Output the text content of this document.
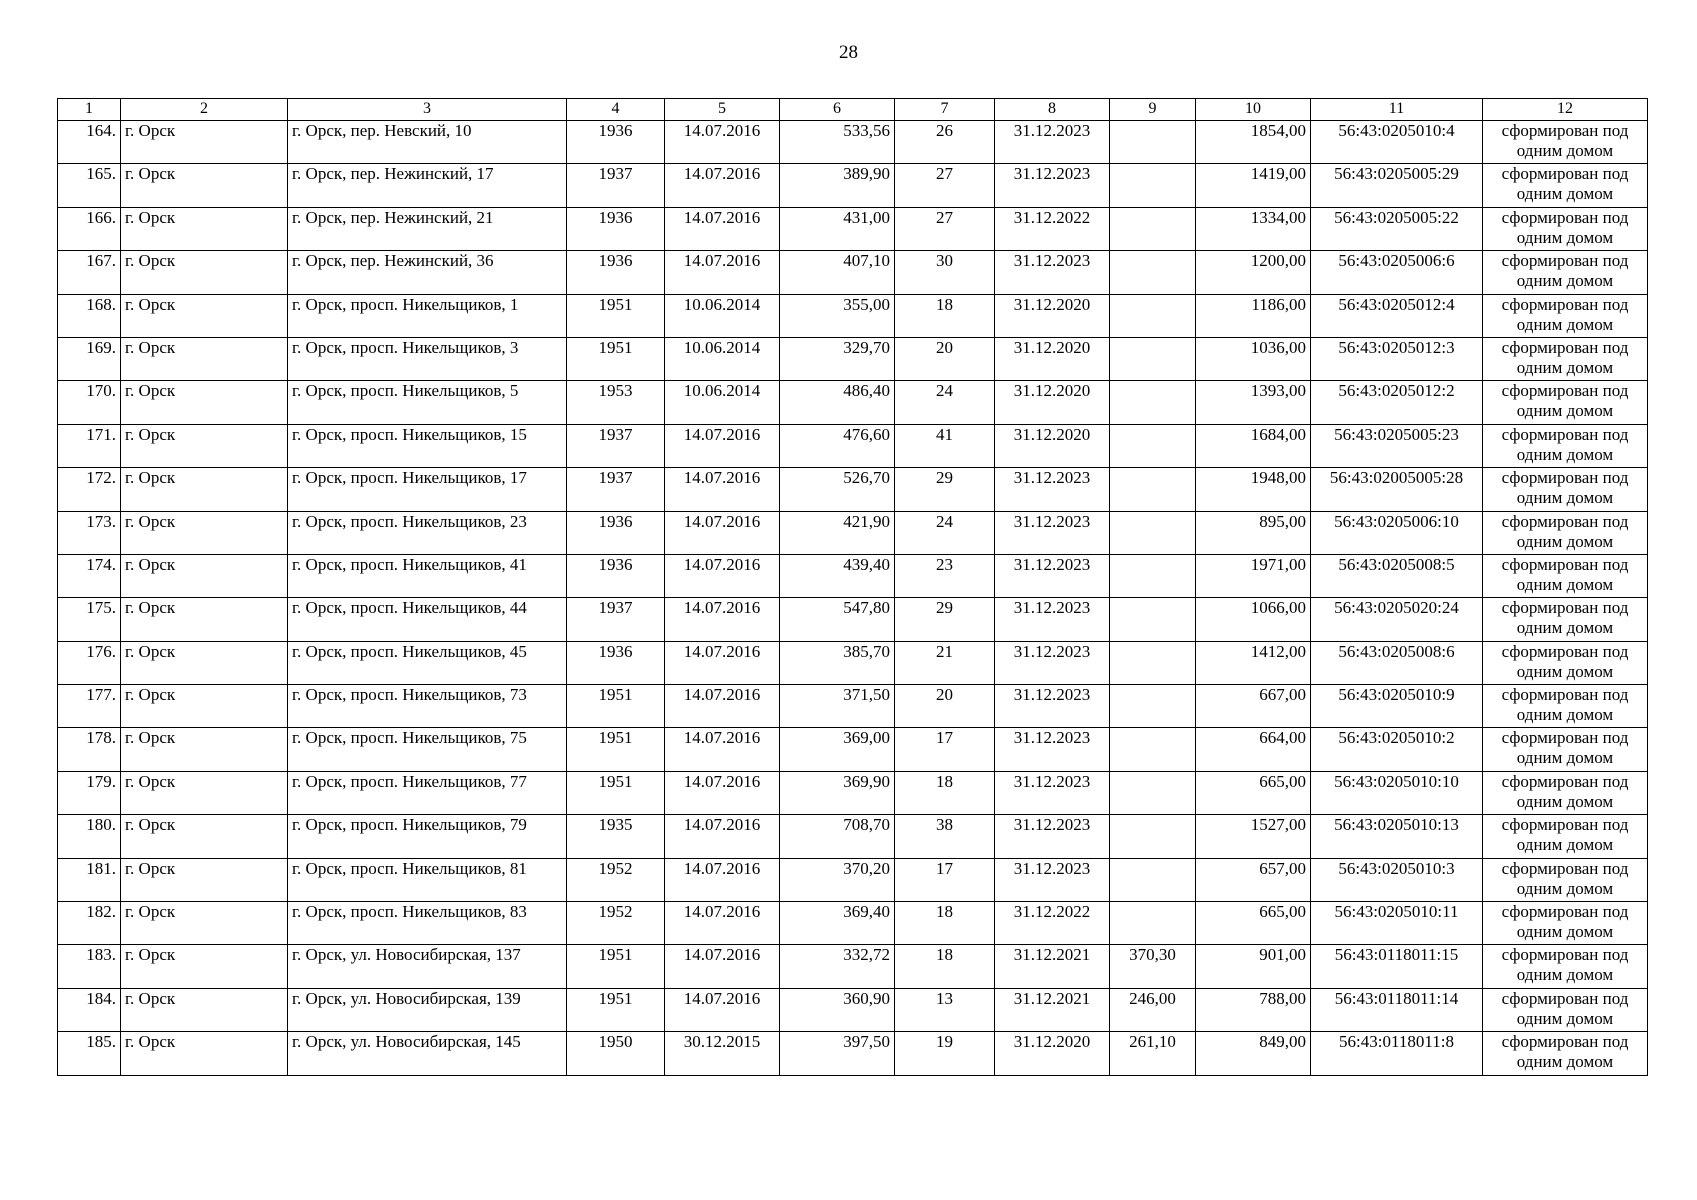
28
1	2	3	4	5	6	7	8	9	10	11	12
164.	г. Орск	г. Орск, пер. Невский, 10	1936	14.07.2016	533,56	26	31.12.2023		1854,00	56:43:0205010:4	сформирован под
одним домом

165.	г. Орск	г. Орск, пер. Нежинский, 17	1937	14.07.2016	389,90	27	31.12.2023		1419,00	56:43:0205005:29	сформирован под
одним домом

166.	г. Орск	г. Орск, пер. Нежинский, 21	1936	14.07.2016	431,00	27	31.12.2022		1334,00	56:43:0205005:22	сформирован под
одним домом

167.	г. Орск	г. Орск, пер. Нежинский, 36	1936	14.07.2016	407,10	30	31.12.2023		1200,00	56:43:0205006:6	сформирован под
одним домом

168.	г. Орск	г. Орск, просп. Никельщиков, 1	1951	10.06.2014	355,00	18	31.12.2020		1186,00	56:43:0205012:4	сформирован под
одним домом

169.	г. Орск	г. Орск, просп. Никельщиков, 3	1951	10.06.2014	329,70	20	31.12.2020		1036,00	56:43:0205012:3	сформирован под
одним домом

170.	г. Орск	г. Орск, просп. Никельщиков, 5	1953	10.06.2014	486,40	24	31.12.2020		1393,00	56:43:0205012:2	сформирован под
одним домом

171.	г. Орск	г. Орск, просп. Никельщиков, 15	1937	14.07.2016	476,60	41	31.12.2020		1684,00	56:43:0205005:23	сформирован под
одним домом

172.	г. Орск	г. Орск, просп. Никельщиков, 17	1937	14.07.2016	526,70	29	31.12.2023		1948,00	56:43:02005005:28	сформирован под
одним домом

173.	г. Орск	г. Орск, просп. Никельщиков, 23	1936	14.07.2016	421,90	24	31.12.2023		895,00	56:43:0205006:10	сформирован под
одним домом

174.	г. Орск	г. Орск, просп. Никельщиков, 41	1936	14.07.2016	439,40	23	31.12.2023		1971,00	56:43:0205008:5	сформирован под
одним домом

175.	г. Орск	г. Орск, просп. Никельщиков, 44	1937	14.07.2016	547,80	29	31.12.2023		1066,00	56:43:0205020:24	сформирован под
одним домом

176.	г. Орск	г. Орск, просп. Никельщиков, 45	1936	14.07.2016	385,70	21	31.12.2023		1412,00	56:43:0205008:6	сформирован под
одним домом

177.	г. Орск	г. Орск, просп. Никельщиков, 73	1951	14.07.2016	371,50	20	31.12.2023		667,00	56:43:0205010:9	сформирован под
одним домом

178.	г. Орск	г. Орск, просп. Никельщиков, 75	1951	14.07.2016	369,00	17	31.12.2023		664,00	56:43:0205010:2	сформирован под
одним домом

179.	г. Орск	г. Орск, просп. Никельщиков, 77	1951	14.07.2016	369,90	18	31.12.2023		665,00	56:43:0205010:10	сформирован под
одним домом

180.	г. Орск	г. Орск, просп. Никельщиков, 79	1935	14.07.2016	708,70	38	31.12.2023		1527,00	56:43:0205010:13	сформирован под
одним домом

181.	г. Орск	г. Орск, просп. Никельщиков, 81	1952	14.07.2016	370,20	17	31.12.2023		657,00	56:43:0205010:3	сформирован под
одним домом

182.	г. Орск	г. Орск, просп. Никельщиков, 83	1952	14.07.2016	369,40	18	31.12.2022		665,00	56:43:0205010:11	сформирован под
одним домом

183.	г. Орск	г. Орск, ул. Новосибирская, 137	1951	14.07.2016	332,72	18	31.12.2021	370,30	901,00	56:43:0118011:15	сформирован под
одним домом

184.	г. Орск	г. Орск, ул. Новосибирская, 139	1951	14.07.2016	360,90	13	31.12.2021	246,00	788,00	56:43:0118011:14	сформирован под
одним домом

185.	г. Орск	г. Орск, ул. Новосибирская, 145	1950	30.12.2015	397,50	19	31.12.2020	261,10	849,00	56:43:0118011:8	сформирован под
одним домом
